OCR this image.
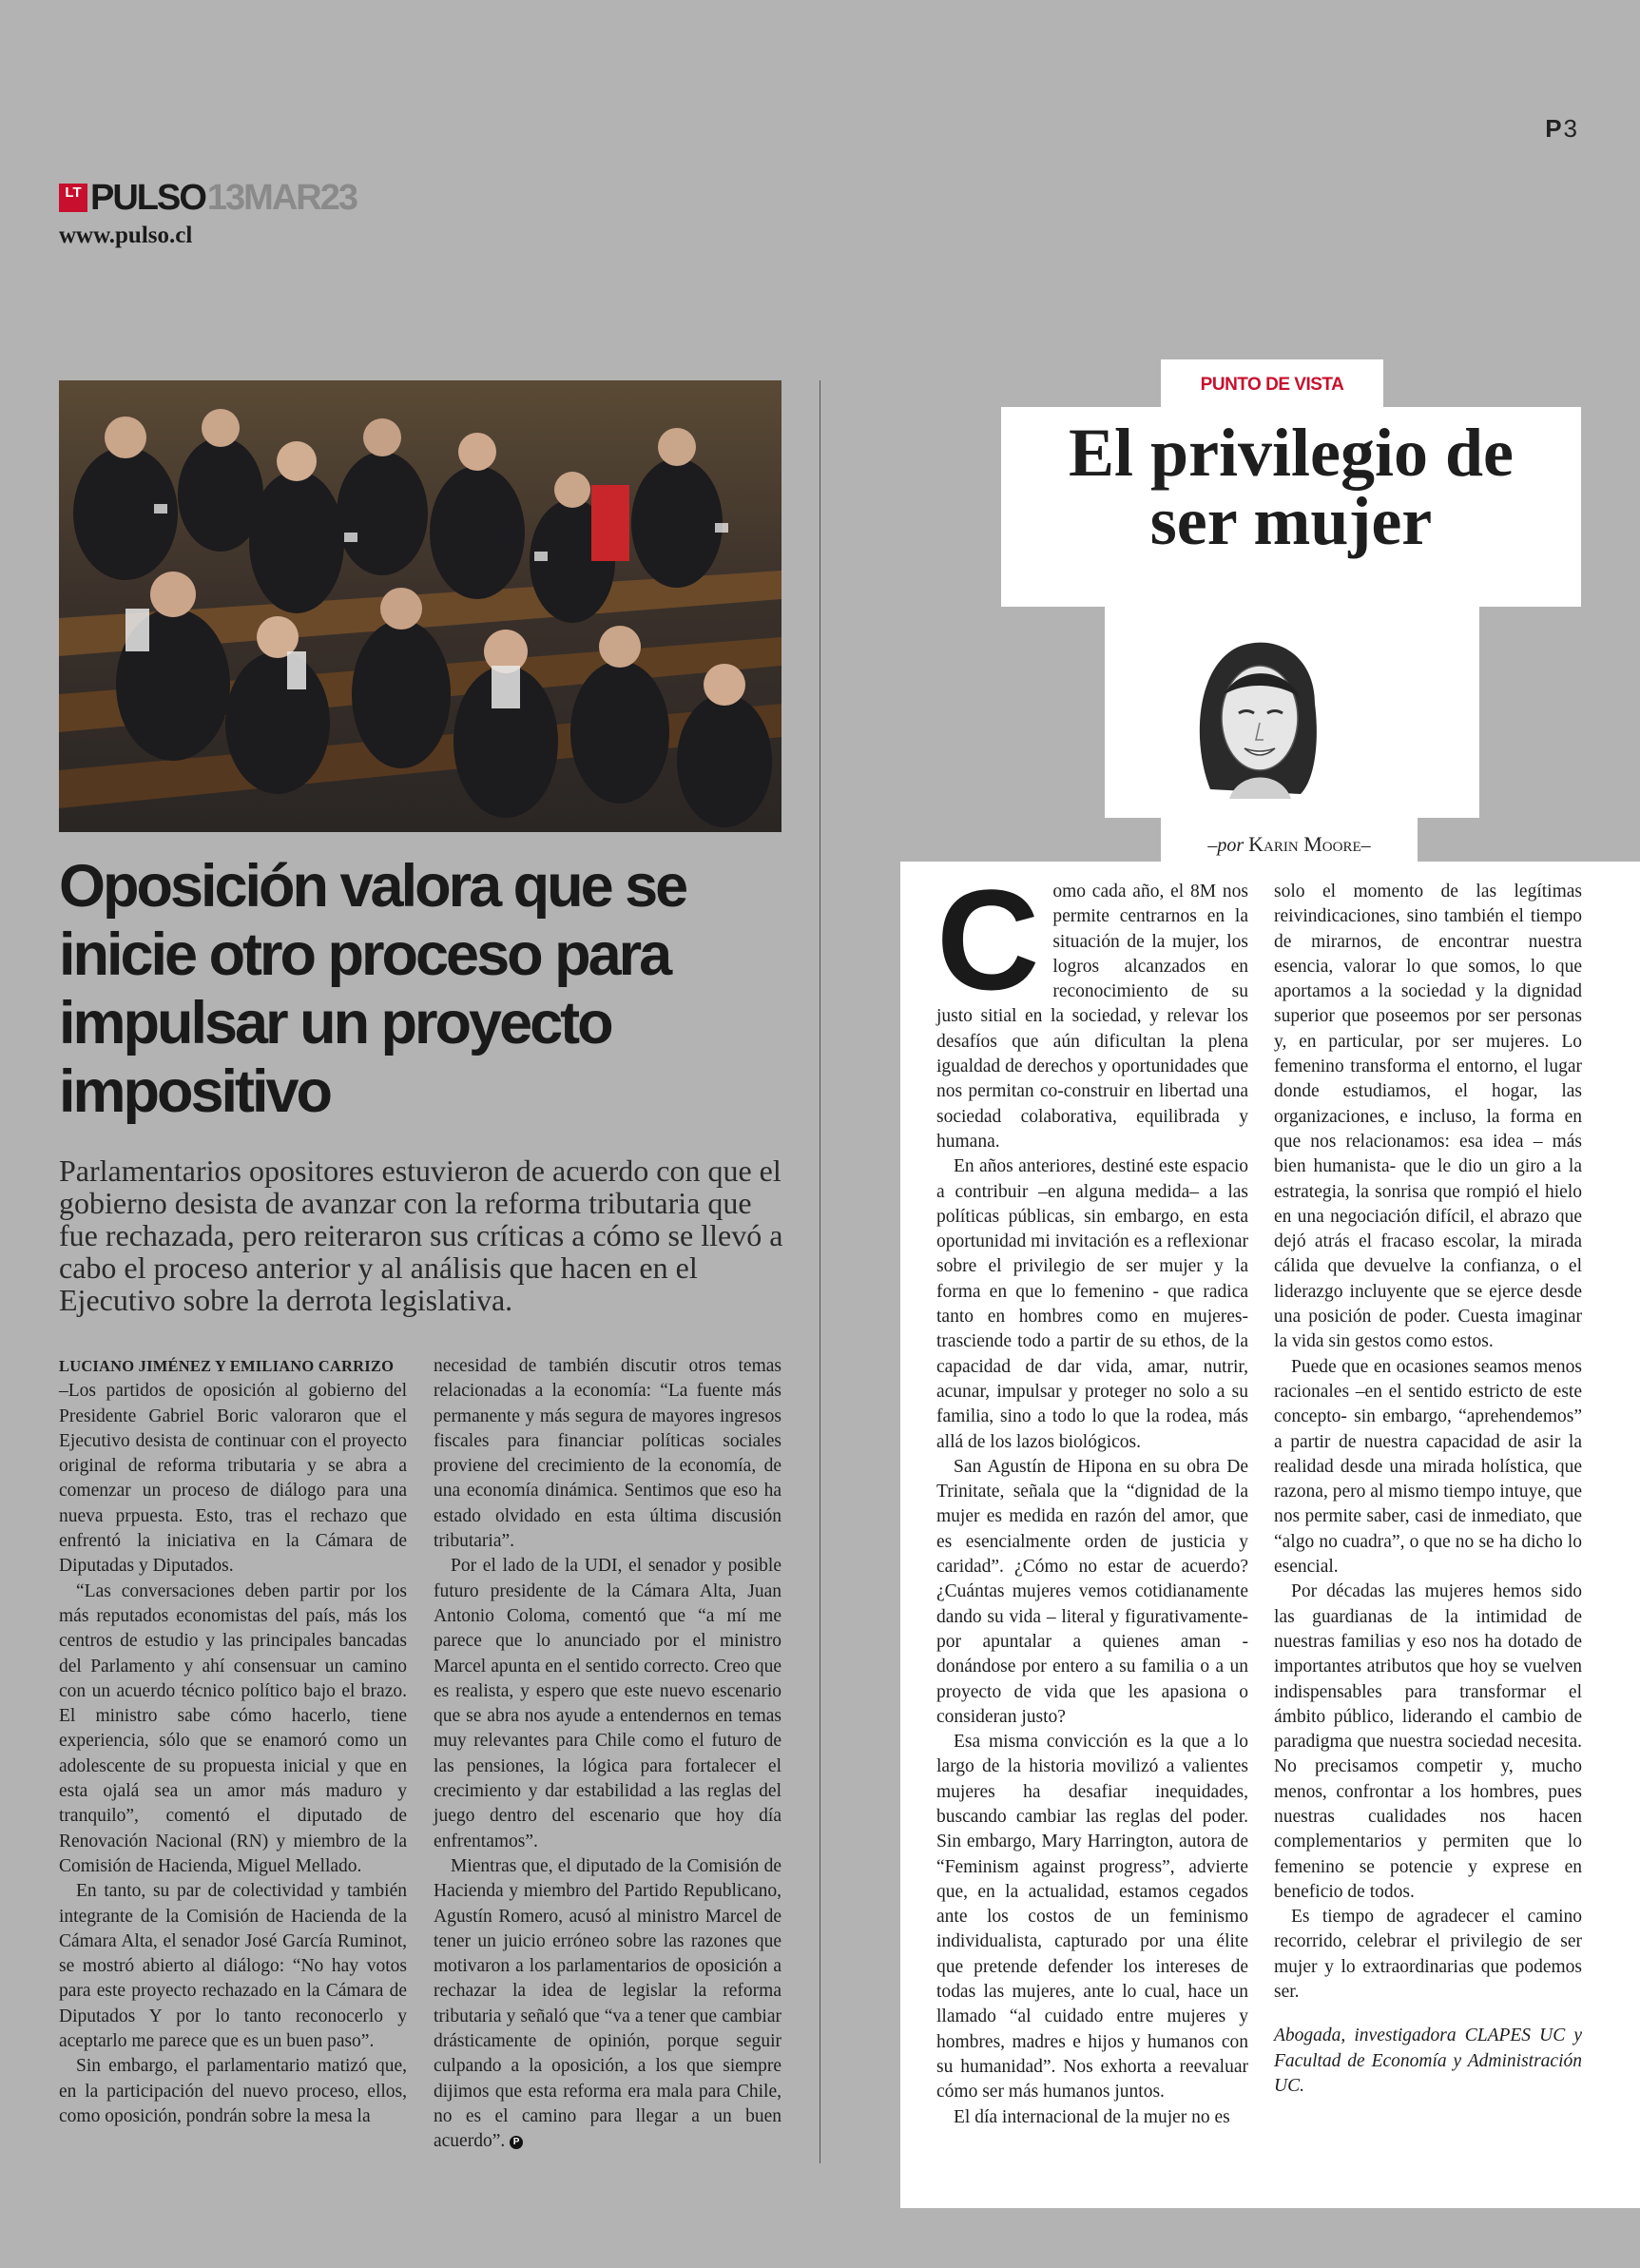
P3
LT PULSO 13MAR23
www.pulso.cl
Oposición valora que se inicie otro proceso para impulsar un proyecto impositivo

Parlamentarios opositores estuvieron de acuerdo con que el gobierno desista de avanzar con la reforma tributaria que fue rechazada, pero reiteraron sus críticas a cómo se llevó a cabo el proceso anterior y al análisis que hacen en el Ejecutivo sobre la derrota legislativa.

LUCIANO JIMÉNEZ Y EMILIANO CARRIZO

–Los partidos de oposición al gobierno del Presidente Gabriel Boric valoraron que el Ejecutivo desista de continuar con el proyecto original de reforma tributaria y se abra a comenzar un proceso de diálogo para una nueva prpuesta. Esto, tras el rechazo que enfrentó la iniciativa en la Cámara de Diputadas y Diputados.

“Las conversaciones deben partir por los más reputados economistas del país, más los centros de estudio y las principales bancadas del Parlamento y ahí consensuar un camino con un acuerdo técnico político bajo el brazo. El ministro sabe cómo hacerlo, tiene experiencia, sólo que se enamoró como un adolescente de su propuesta inicial y que en esta ojalá sea un amor más maduro y tranquilo”, comentó el diputado de Renovación Nacional (RN) y miembro de la Comisión de Hacienda, Miguel Mellado.

En tanto, su par de colectividad y también integrante de la Comisión de Hacienda de la Cámara Alta, el senador José García Ruminot, se mostró abierto al diálogo: “No hay votos para este proyecto rechazado en la Cámara de Diputados Y por lo tanto reconocerlo y aceptarlo me parece que es un buen paso”.

Sin embargo, el parlamentario matizó que, en la participación del nuevo proceso, ellos, como oposición, pondrán sobre la mesa la

necesidad de también discutir otros temas relacionadas a la economía: “La fuente más permanente y más segura de mayores ingresos fiscales para financiar políticas sociales proviene del crecimiento de la economía, de una economía dinámica. Sentimos que eso ha estado olvidado en esta última discusión tributaria”.

Por el lado de la UDI, el senador y posible futuro presidente de la Cámara Alta, Juan Antonio Coloma, comentó que “a mí me parece que lo anunciado por el ministro Marcel apunta en el sentido correcto. Creo que es realista, y espero que este nuevo escenario que se abra nos ayude a entendernos en temas muy relevantes para Chile como el futuro de las pensiones, la lógica para fortalecer el crecimiento y dar estabilidad a las reglas del juego dentro del escenario que hoy día enfrentamos”.

Mientras que, el diputado de la Comisión de Hacienda y miembro del Partido Republicano, Agustín Romero, acusó al ministro Marcel de tener un juicio erróneo sobre las razones que motivaron a los parlamentarios de oposición a rechazar la idea de legislar la reforma tributaria y señaló que “va a tener que cambiar drásticamente de opinión, porque seguir culpando a la oposición, a los que siempre dijimos que esta reforma era mala para Chile, no es el camino para llegar a un buen acuerdo”. P

PUNTO DE VISTA
El privilegio de
ser mujer
–por Karin Moore–

Como cada año, el 8M nos permite centrarnos en la situación de la mujer, los logros alcanzados en reconocimiento de su justo sitial en la sociedad, y relevar los desafíos que aún dificultan la plena igualdad de derechos y oportunidades que nos permitan co-construir en libertad una sociedad colaborativa, equilibrada y humana.

En años anteriores, destiné este espacio a contribuir –en alguna medida– a las políticas públicas, sin embargo, en esta oportunidad mi invitación es a reflexionar sobre el privilegio de ser mujer y la forma en que lo femenino - que radica tanto en hombres como en mujeres- trasciende todo a partir de su ethos, de la capacidad de dar vida, amar, nutrir, acunar, impulsar y proteger no solo a su familia, sino a todo lo que la rodea, más allá de los lazos biológicos.

San Agustín de Hipona en su obra De Trinitate, señala que la “dignidad de la mujer es medida en razón del amor, que es esencialmente orden de justicia y caridad”. ¿Cómo no estar de acuerdo? ¿Cuántas mujeres vemos cotidianamente dando su vida – literal y figurativamente- por apuntalar a quienes aman - donándose por entero a su familia o a un proyecto de vida que les apasiona o consideran justo?

Esa misma convicción es la que a lo largo de la historia movilizó a valientes mujeres ha desafiar inequidades, buscando cambiar las reglas del poder. Sin embargo, Mary Harrington, autora de “Feminism against progress”, advierte que, en la actualidad, estamos cegados ante los costos de un feminismo individualista, capturado por una élite que pretende defender los intereses de todas las mujeres, ante lo cual, hace un llamado “al cuidado entre mujeres y hombres, madres e hijos y humanos con su humanidad”. Nos exhorta a reevaluar cómo ser más humanos juntos.

El día internacional de la mujer no es

solo el momento de las legítimas reivindicaciones, sino también el tiempo de mirarnos, de encontrar nuestra esencia, valorar lo que somos, lo que aportamos a la sociedad y la dignidad superior que poseemos por ser personas y, en particular, por ser mujeres. Lo femenino transforma el entorno, el lugar donde estudiamos, el hogar, las organizaciones, e incluso, la forma en que nos relacionamos: esa idea – más bien humanista- que le dio un giro a la estrategia, la sonrisa que rompió el hielo en una negociación difícil, el abrazo que dejó atrás el fracaso escolar, la mirada cálida que devuelve la confianza, o el liderazgo incluyente que se ejerce desde una posición de poder. Cuesta imaginar la vida sin gestos como estos.

Puede que en ocasiones seamos menos racionales –en el sentido estricto de este concepto- sin embargo, “aprehendemos” a partir de nuestra capacidad de asir la realidad desde una mirada holística, que razona, pero al mismo tiempo intuye, que nos permite saber, casi de inmediato, que “algo no cuadra”, o que no se ha dicho lo esencial.

Por décadas las mujeres hemos sido las guardianas de la intimidad de nuestras familias y eso nos ha dotado de importantes atributos que hoy se vuelven indispensables para transformar el ámbito público, liderando el cambio de paradigma que nuestra sociedad necesita. No precisamos competir y, mucho menos, confrontar a los hombres, pues nuestras cualidades nos hacen complementarios y permiten que lo femenino se potencie y exprese en beneficio de todos.

Es tiempo de agradecer el camino recorrido, celebrar el privilegio de ser mujer y lo extraordinarias que podemos ser.

Abogada, investigadora CLAPES UC y Facultad de Economía y Administración UC.
